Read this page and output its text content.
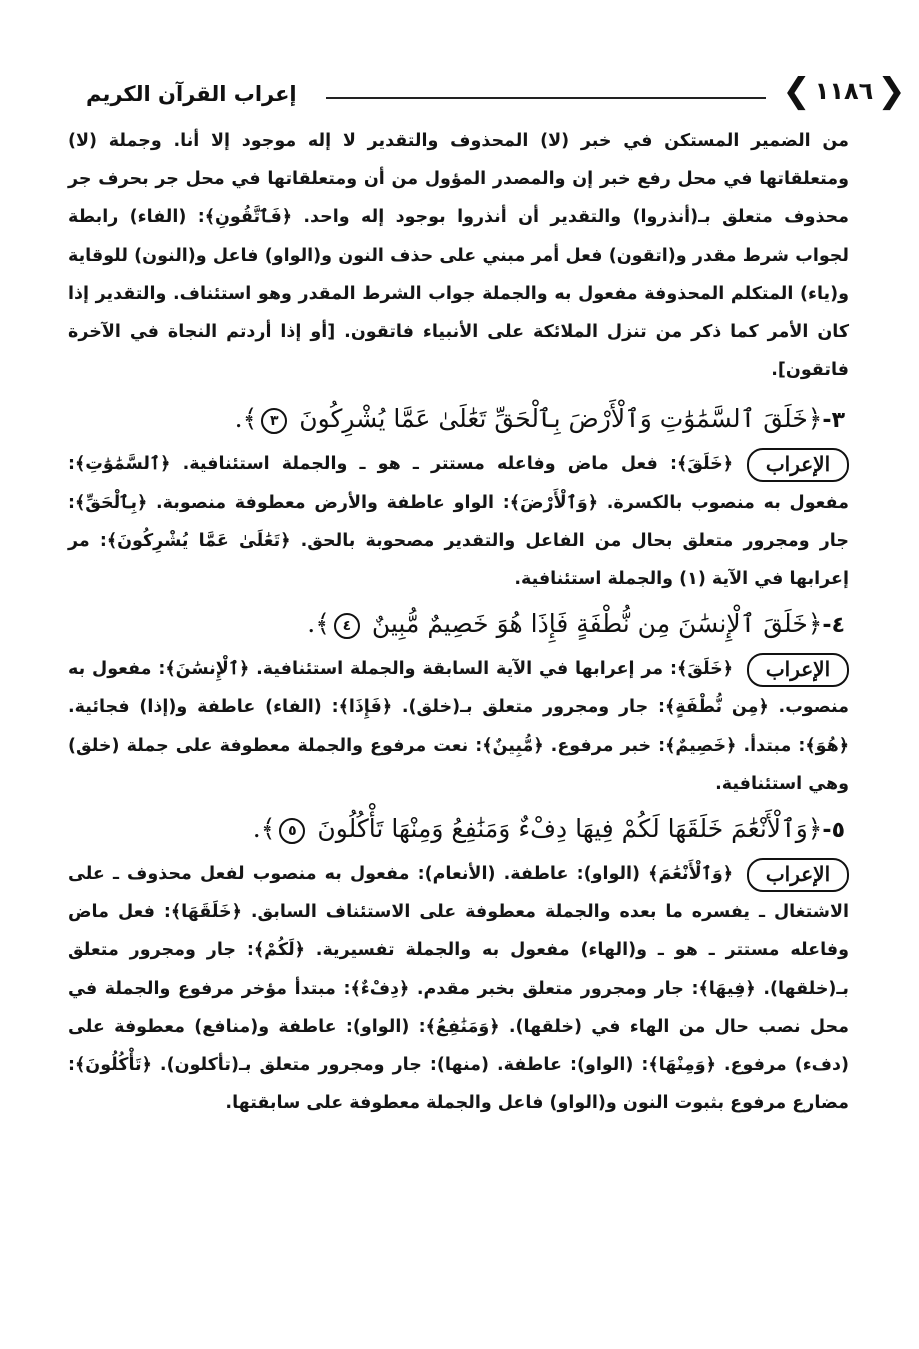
❮ ١١٨٦ ❯
إعراب القرآن الكريم

من الضمير المستكن في خبر (لا) المحذوف والتقدير لا إله موجود إلا أنا. وجملة (لا) ومتعلقاتها في محل رفع خبر إن والمصدر المؤول من أن ومتعلقاتها في محل جر بحرف جر محذوف متعلق بـ(أنذروا) والتقدير أن أنذروا بوجود إله واحد. ﴿فَٱتَّقُونِ﴾: (الفاء) رابطة لجواب شرط مقدر و(اتقون) فعل أمر مبني على حذف النون و(الواو) فاعل و(النون) للوقاية و(ياء) المتكلم المحذوفة مفعول به والجملة جواب الشرط المقدر وهو استئناف. والتقدير إذا كان الأمر كما ذكر من تنزل الملائكة على الأنبياء فاتقون. [أو إذا أردتم النجاة في الآخرة فاتقون].

٣-﴿خَلَقَ ٱلسَّمَٰوَٰتِ وَٱلْأَرْضَ بِٱلْحَقِّ تَعَٰلَىٰ عَمَّا يُشْرِكُونَ ٣﴾.

الإعراب

﴿خَلَقَ﴾: فعل ماض وفاعله مستتر ـ هو ـ والجملة استئنافية. ﴿ٱلسَّمَٰوَٰتِ﴾: مفعول به منصوب بالكسرة. ﴿وَٱلْأَرْضَ﴾: الواو عاطفة والأرض معطوفة منصوبة. ﴿بِٱلْحَقِّ﴾: جار ومجرور متعلق بحال من الفاعل والتقدير مصحوبة بالحق. ﴿تَعَٰلَىٰ عَمَّا يُشْرِكُونَ﴾: مر إعرابها في الآية (١) والجملة استئنافية.

٤-﴿خَلَقَ ٱلْإِنسَٰنَ مِن نُّطْفَةٍ فَإِذَا هُوَ خَصِيمٌ مُّبِينٌ ٤﴾.

الإعراب

﴿خَلَقَ﴾: مر إعرابها في الآية السابقة والجملة استئنافية. ﴿ٱلْإِنسَٰنَ﴾: مفعول به منصوب. ﴿مِن نُّطْفَةٍ﴾: جار ومجرور متعلق بـ(خلق). ﴿فَإِذَا﴾: (الفاء) عاطفة و(إذا) فجائية. ﴿هُوَ﴾: مبتدأ. ﴿خَصِيمٌ﴾: خبر مرفوع. ﴿مُّبِينٌ﴾: نعت مرفوع والجملة معطوفة على جملة (خلق) وهي استئنافية.

٥-﴿وَٱلْأَنْعَٰمَ خَلَقَهَا لَكُمْ فِيهَا دِفْءٌ وَمَنَٰفِعُ وَمِنْهَا تَأْكُلُونَ ٥﴾.

الإعراب

﴿وَٱلْأَنْعَٰمَ﴾ (الواو): عاطفة. (الأنعام): مفعول به منصوب لفعل محذوف ـ على الاشتغال ـ يفسره ما بعده والجملة معطوفة على الاستئناف السابق. ﴿خَلَقَهَا﴾: فعل ماض وفاعله مستتر ـ هو ـ و(الهاء) مفعول به والجملة تفسيرية. ﴿لَكُمْ﴾: جار ومجرور متعلق بـ(خلقها). ﴿فِيهَا﴾: جار ومجرور متعلق بخبر مقدم. ﴿دِفْءٌ﴾: مبتدأ مؤخر مرفوع والجملة في محل نصب حال من الهاء في (خلقها). ﴿وَمَنَٰفِعُ﴾: (الواو): عاطفة و(منافع) معطوفة على (دفء) مرفوع. ﴿وَمِنْهَا﴾: (الواو): عاطفة. (منها): جار ومجرور متعلق بـ(تأكلون). ﴿تَأْكُلُونَ﴾: مضارع مرفوع بثبوت النون و(الواو) فاعل والجملة معطوفة على سابقتها.
